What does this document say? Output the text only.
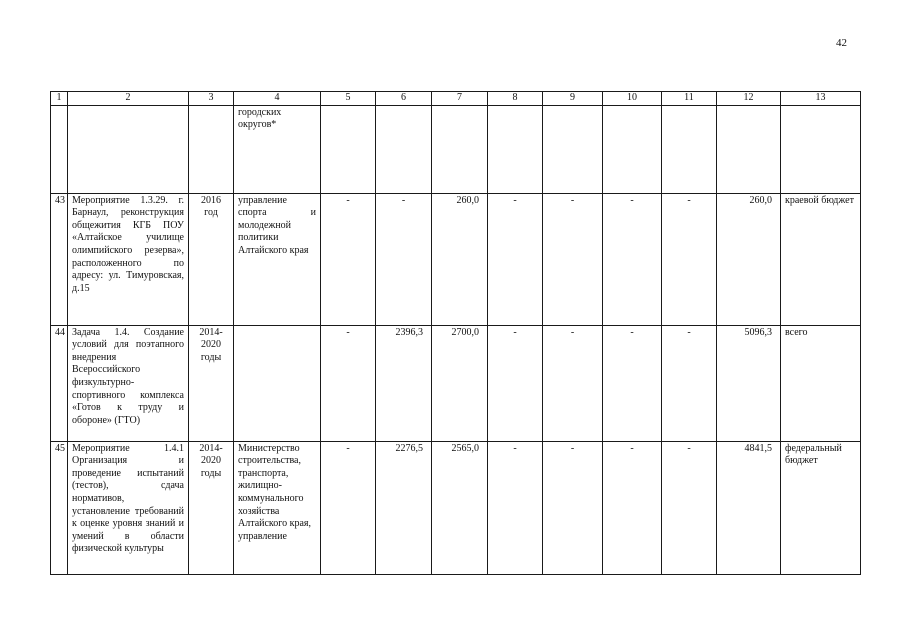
42
1	2	3	4	5	6	7	8	9	10	11	12	13
			городских округов*									
43	Мероприятие 1.3.29. г. Барнаул, реконструкция общежития КГБ ПОУ «Алтайское училище олимпийского резерва», расположенного по адресу: ул. Тимуровская, д.15	2016 год	управление спорта и молодежной политики Алтайского края	-	-	260,0	-	-	-	-	260,0	краевой бюджет
44	Задача 1.4. Создание условий для поэтапного внедрения Всероссийского физкультурно-спортивного комплекса «Готов к труду и обороне» (ГТО)	2014-2020 годы		-	2396,3	2700,0	-	-	-	-	5096,3	всего
45	Мероприятие 1.4.1 Организация и проведение испытаний (тестов), сдача нормативов, установление требований к оценке уровня знаний и умений в области физической культуры	2014-2020 годы	Министерство строительства, транспорта, жилищно-коммунального хозяйства Алтайского края, управление	-	2276,5	2565,0	-	-	-	-	4841,5	федеральный бюджет
